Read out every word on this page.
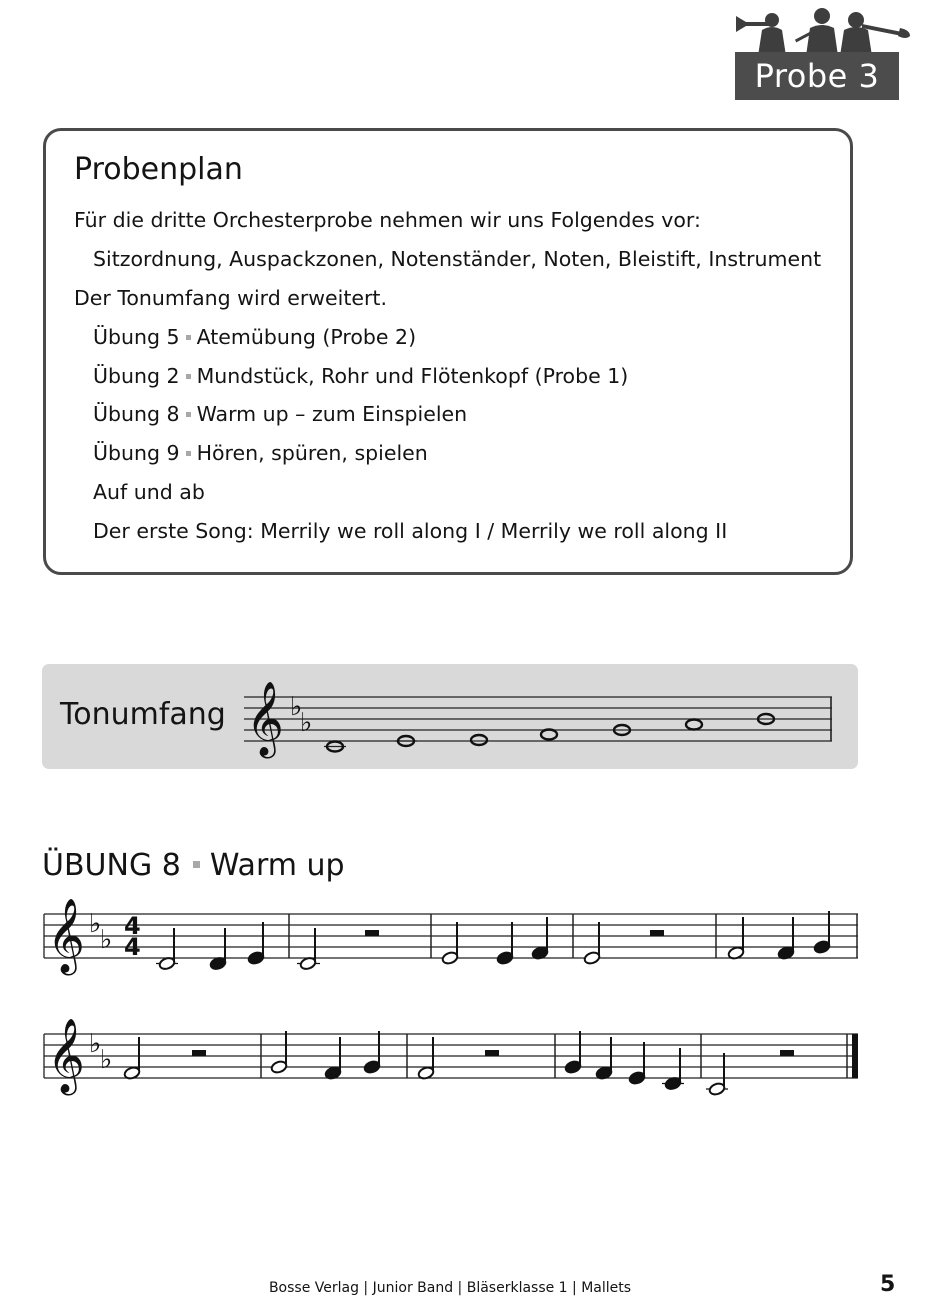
Probe 3
Probenplan
Für die dritte Orchesterprobe nehmen wir uns Folgendes vor:
Sitzordnung, Auspackzonen, Notenständer, Noten, Bleistift, Instrument
Der Tonumfang wird erweitert.
Übung 5 Atemübung (Probe 2)
Übung 2 Mundstück, Rohr und Flötenkopf (Probe 1)
Übung 8 Warm up – zum Einspielen
Übung 9 Hören, spüren, spielen
Auf und ab
Der erste Song: Merrily we roll along I / Merrily we roll along II
Tonumfang 𝄞 ♭
♭
ÜBUNG 8 Warm up
𝄞 ♭
♭ 4
4
𝄞 ♭
♭
Bosse Verlag | Junior Band | Bläserklasse 1 | Mallets	5
